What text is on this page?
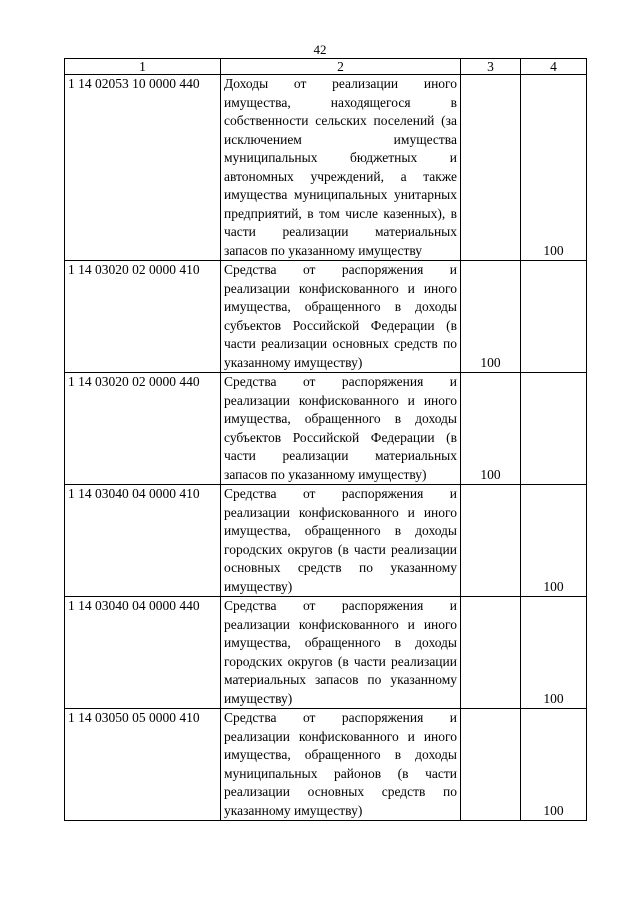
42
1	2	3	4
1 14 02053 10 0000 440	Доходы от реализации иного имущества, находящегося в собственности сельских поселений (за исключением имущества муниципальных бюджетных и автономных учреждений, а также имущества муниципальных унитарных предприятий, в том числе казенных), в части реализации материальных запасов по указанному имуществу		100
1 14 03020 02 0000 410	Средства от распоряжения и реализации конфискованного и иного имущества, обращенного в доходы субъектов Российской Федерации (в части реализации основных средств по указанному имуществу)	100	
1 14 03020 02 0000 440	Средства от распоряжения и реализации конфискованного и иного имущества, обращенного в доходы субъектов Российской Федерации (в части реализации материальных запасов по указанному имуществу)	100	
1 14 03040 04 0000 410	Средства от распоряжения и реализации конфискованного и иного имущества, обращенного в доходы городских округов (в части реализации основных средств по указанному имуществу)		100
1 14 03040 04 0000 440	Средства от распоряжения и реализации конфискованного и иного имущества, обращенного в доходы городских округов (в части реализации материальных запасов по указанному имуществу)		100
1 14 03050 05 0000 410	Средства от распоряжения и реализации конфискованного и иного имущества, обращенного в доходы муниципальных районов (в части реализации основных средств по указанному имуществу)		100
